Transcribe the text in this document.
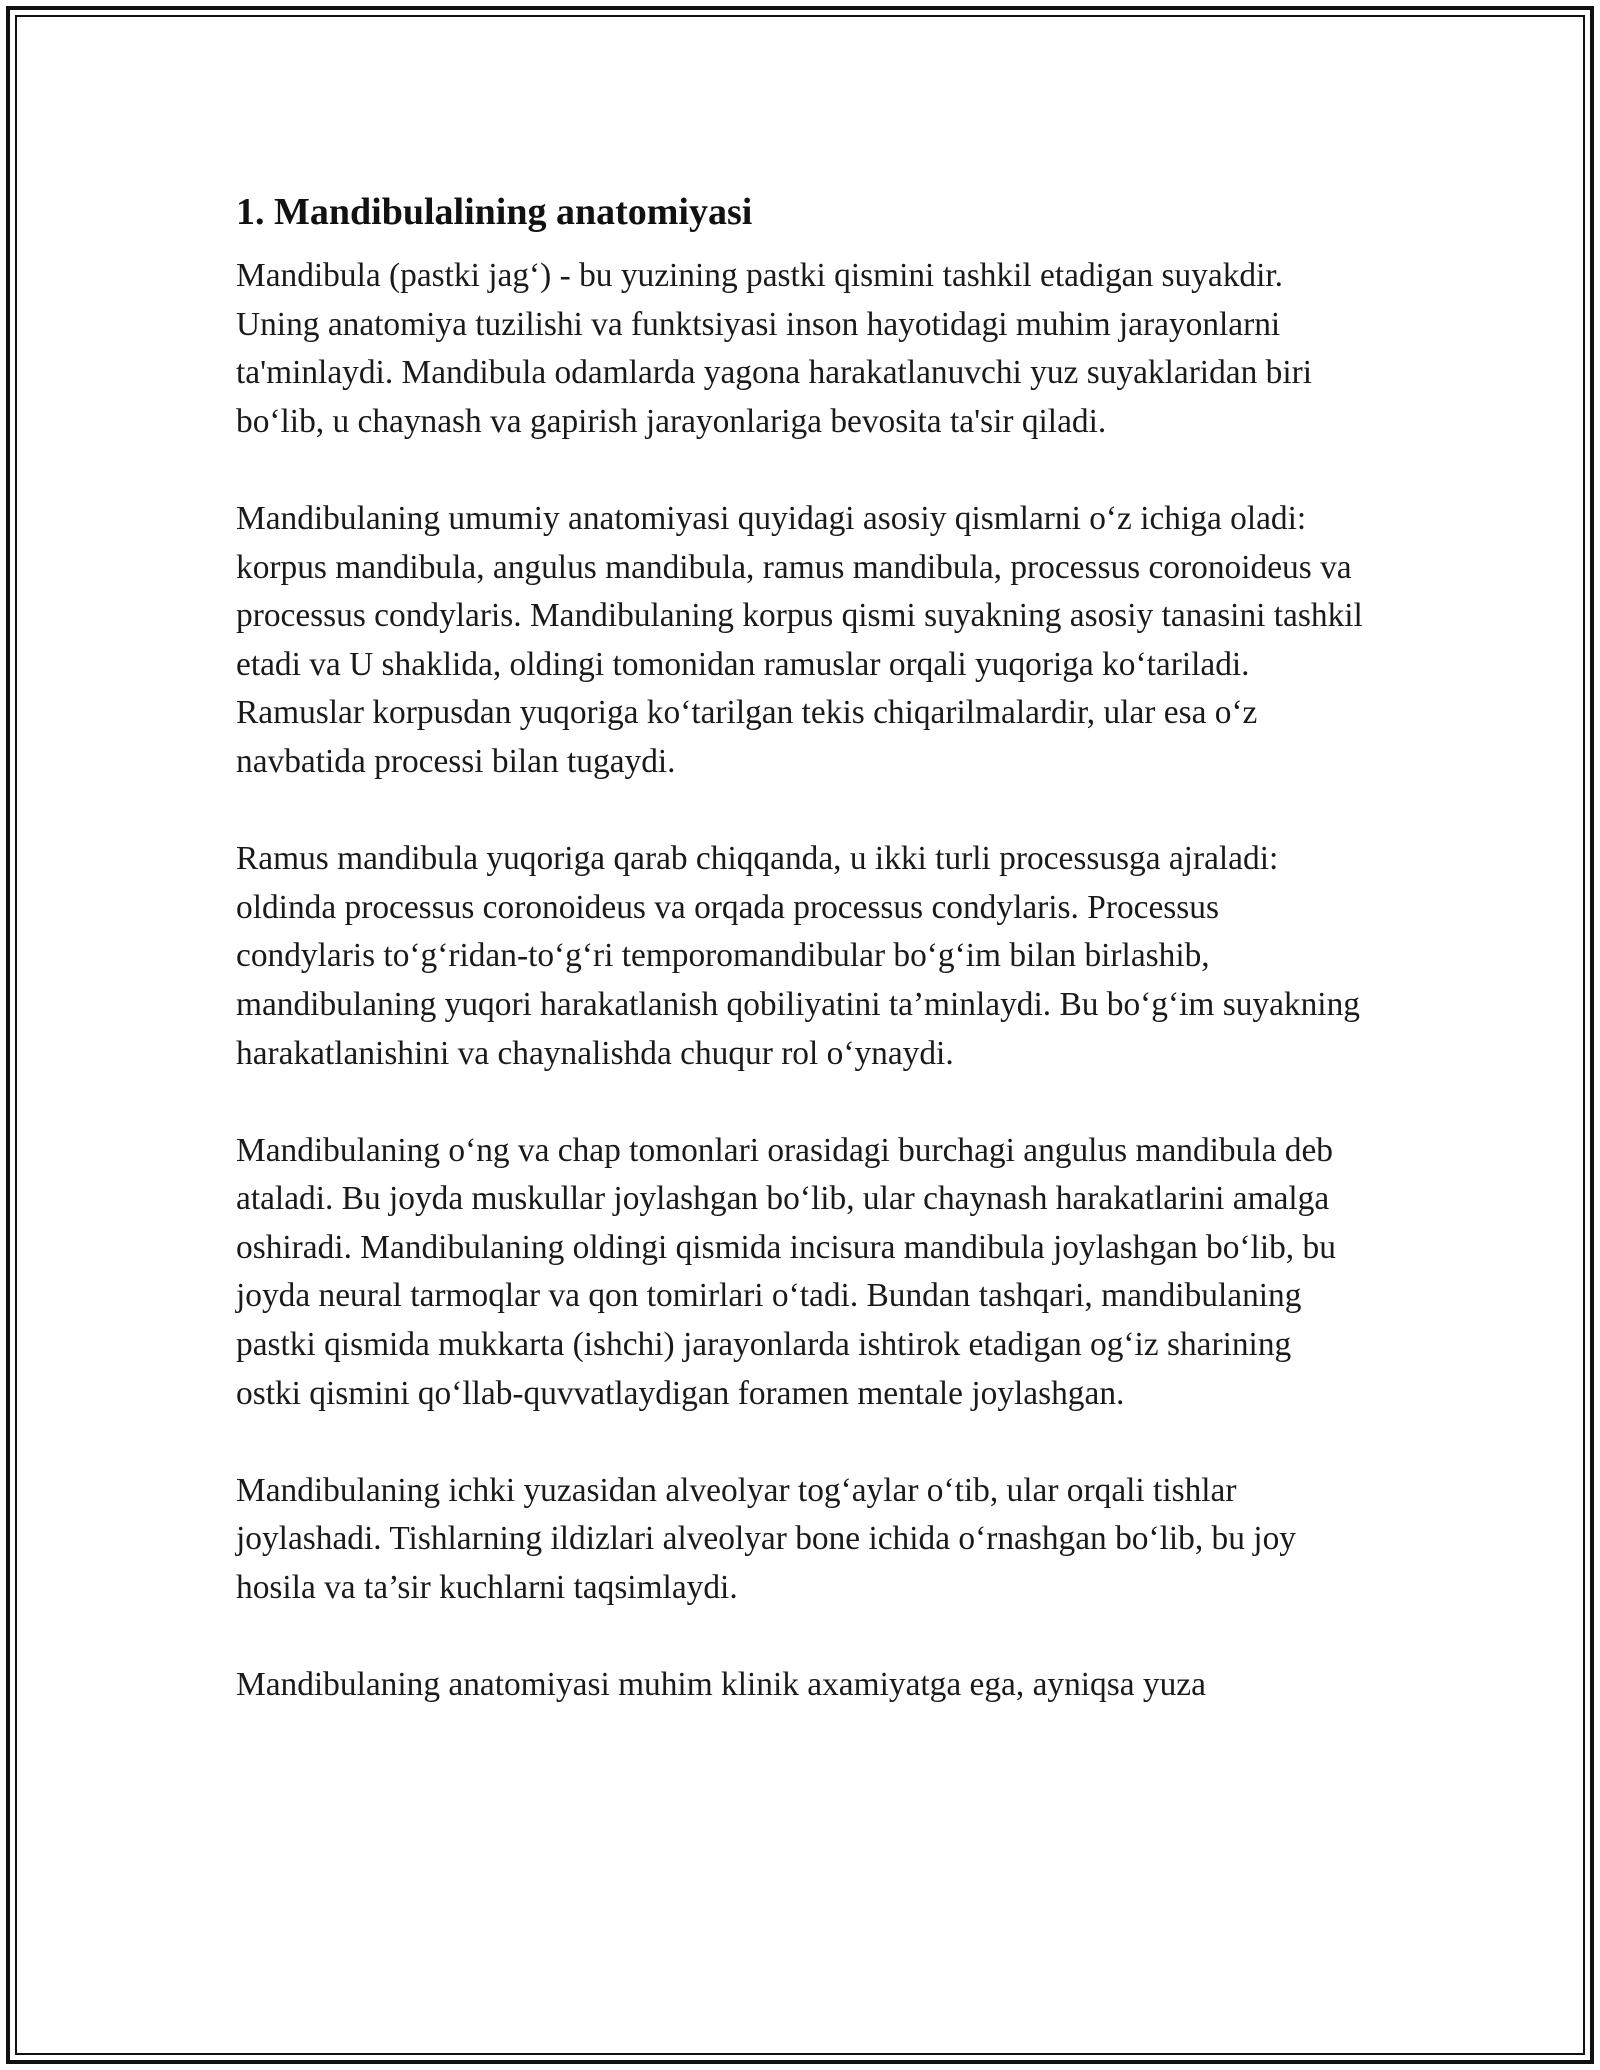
1. Mandibulalining anatomiyasi

Mandibula (pastki jag‘) - bu yuzining pastki qismini tashkil etadigan suyakdir. Uning anatomiya tuzilishi va funktsiyasi inson hayotidagi muhim jarayonlarni ta'minlaydi. Mandibula odamlarda yagona harakatlanuvchi yuz suyaklaridan biri bo‘lib, u chaynash va gapirish jarayonlariga bevosita ta'sir qiladi.

Mandibulaning umumiy anatomiyasi quyidagi asosiy qismlarni o‘z ichiga oladi: korpus mandibula, angulus mandibula, ramus mandibula, processus coronoideus va processus condylaris. Mandibulaning korpus qismi suyakning asosiy tanasini tashkil etadi va U shaklida, oldingi tomonidan ramuslar orqali yuqoriga ko‘tariladi. Ramuslar korpusdan yuqoriga ko‘tarilgan tekis chiqarilmalardir, ular esa o‘z navbatida processi bilan tugaydi.

Ramus mandibula yuqoriga qarab chiqqanda, u ikki turli processusga ajraladi: oldinda processus coronoideus va orqada processus condylaris. Processus condylaris to‘g‘ridan-to‘g‘ri temporomandibular bo‘g‘im bilan birlashib, mandibulaning yuqori harakatlanish qobiliyatini ta’minlaydi. Bu bo‘g‘im suyakning harakatlanishini va chaynalishda chuqur rol o‘ynaydi.

Mandibulaning o‘ng va chap tomonlari orasidagi burchagi angulus mandibula deb ataladi. Bu joyda muskullar joylashgan bo‘lib, ular chaynash harakatlarini amalga oshiradi. Mandibulaning oldingi qismida incisura mandibula joylashgan bo‘lib, bu joyda neural tarmoqlar va qon tomirlari o‘tadi. Bundan tashqari, mandibulaning pastki qismida mukkarta (ishchi) jarayonlarda ishtirok etadigan og‘iz sharining ostki qismini qo‘llab-quvvatlaydigan foramen mentale joylashgan.

Mandibulaning ichki yuzasidan alveolyar tog‘aylar o‘tib, ular orqali tishlar joylashadi. Tishlarning ildizlari alveolyar bone ichida o‘rnashgan bo‘lib, bu joy hosila va ta’sir kuchlarni taqsimlaydi.

Mandibulaning anatomiyasi muhim klinik axamiyatga ega, ayniqsa yuza
